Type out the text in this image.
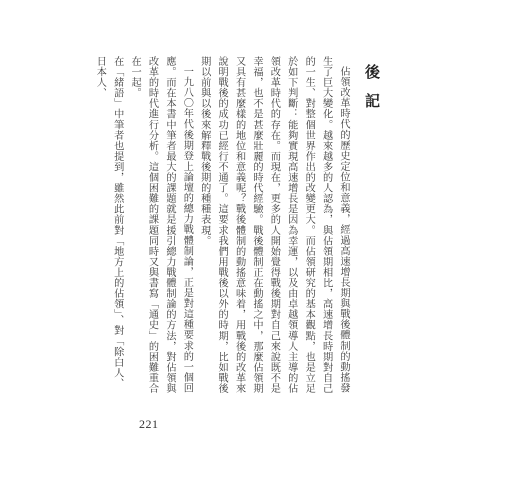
後記

佔領改革時代的歷史定位和意義，經過高速增長期與戰後體制的動搖發生了巨大變化。越來越多的人認為，與佔領期相比，高速增長時期對自己的一生、對整個世界作出的改變更大。而佔領研究的基本觀點，也是立足於如下判斷：能夠實現高速增長是因為幸運，以及由卓越領導人主導的佔領改革時代的存在。而現在，更多的人開始覺得戰後期對自己來說既不是幸福，也不是甚麼壯麗的時代經驗。戰後體制正在動搖之中，那麼佔領期又具有甚麼樣的地位和意義呢？戰後體制的動搖意味着，用戰後的改革來說明戰後的成功已經行不通了。這要求我們用戰後以外的時期，比如戰後期以前與以後來解釋戰後期的種種表現。

一九八〇年代後期登上論壇的總力戰體制論，正是對這種要求的一個回應。而在本書中筆者最大的課題就是援引總力戰體制論的方法，對佔領與改革的時代進行分析。這個困難的課題同時又與書寫「通史」的困難重合在一起。

在「緒語」中筆者也提到，雖然此前對「地方上的佔領」、對「除白人、日本人、

221
